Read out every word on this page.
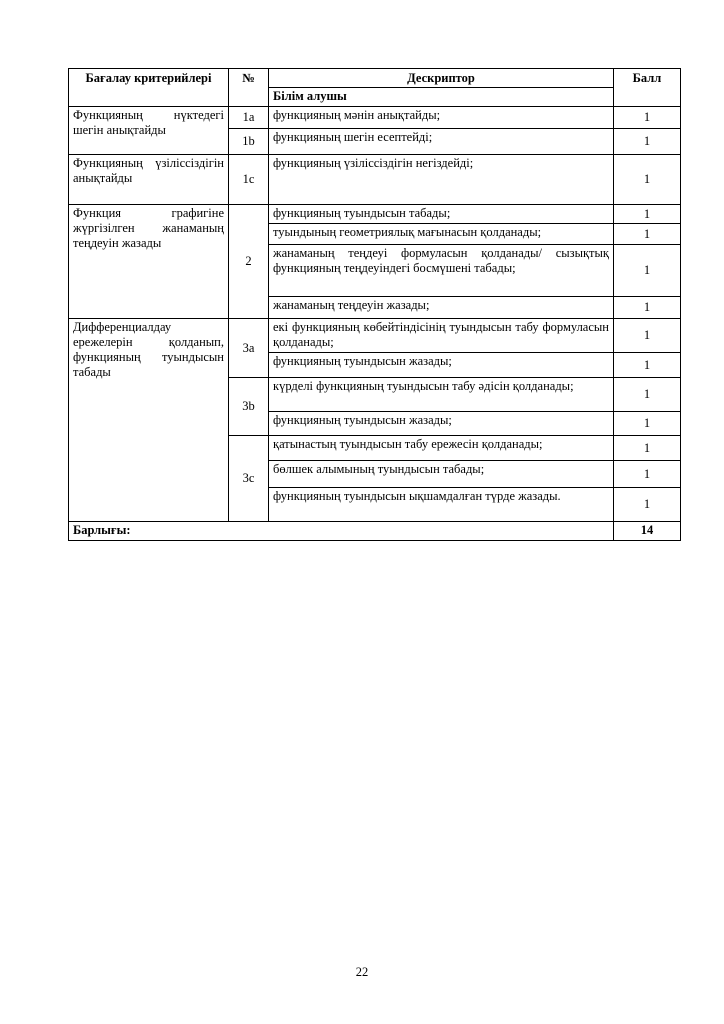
Бағалау критерийлері	№	Дескриптор	Балл
		Білім алушы	
Функцияның нүктедегі шегін анықтайды	1a	функцияның мәнін анықтайды;	1
	1b	функцияның шегін есептейді;	1
Функцияның үзіліссіздігін анықтайды	1c	функцияның үзіліссіздігін негіздейді;	1
Функция графигіне жүргізілген жанаманың теңдеуін жазады	2	функцияның туындысын табады;	1
		туындының геометриялық мағынасын қолданады;	1
		жанаманың теңдеуі формуласын қолданады/ сызықтық функцияның теңдеуіндегі босмүшені табады;	1
		жанаманың теңдеуін жазады;	1
Дифференциалдау ережелерін қолданып, функцияның туындысын табады	3a	екі функцияның көбейтіндісінің туындысын табу формуласын қолданады;	1
		функцияның туындысын жазады;	1
	3b	күрделі функцияның туындысын табу әдісін қолданады;	1
		функцияның туындысын жазады;	1
	3c	қатынастың туындысын табу ережесін қолданады;	1
		бөлшек алымының туындысын табады;	1
		функцияның туындысын ықшамдалған түрде жазады.	1
Барлығы:			14
22
